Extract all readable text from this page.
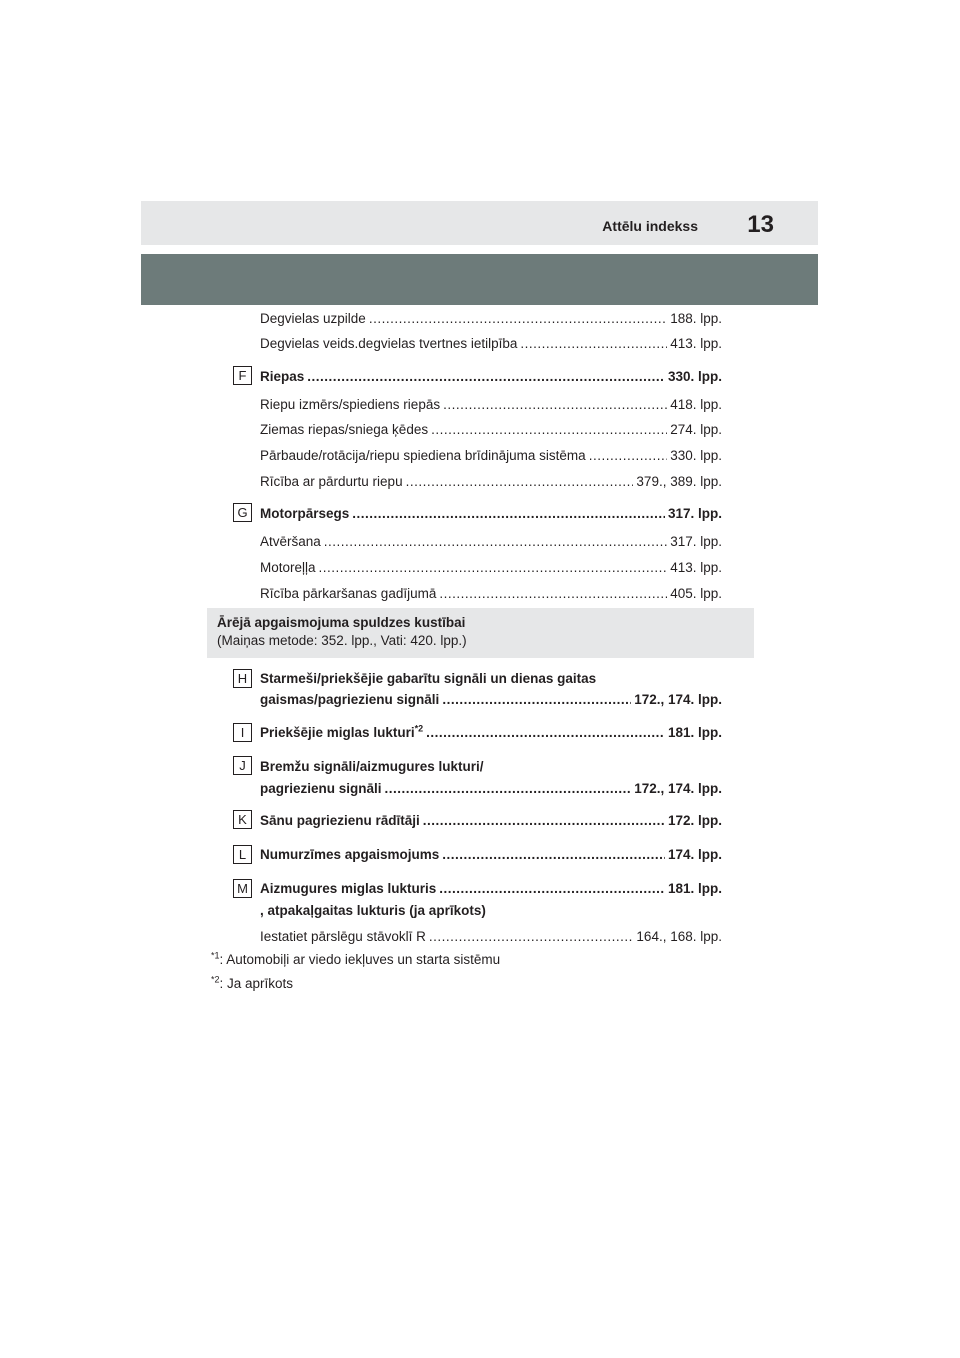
Attēlu indekss 13
Degvielas uzpilde .....	188. lpp.
Degvielas veids.degvielas tvertnes ietilpība .....	413. lpp.
F	Riepas .....	330. lpp.
Riepu izmērs/spiediens riepās .....	418. lpp.
Ziemas riepas/sniega ķēdes .....	274. lpp.
Pārbaude/rotācija/riepu spiediena brīdinājuma sistēma .....	330. lpp.
Rīcība ar pārdurtu riepu .....	379., 389. lpp.
G Motorpārsegs .....	317. lpp.
Atvēršana .....	317. lpp.
Motoreļļa .....	413. lpp.
Rīcība pārkaršanas gadījumā .....	405. lpp.
Ārējā apgaismojuma spuldzes kustībai
(Maiņas metode: 352. lpp., Vati: 420. lpp.)
H Starmeši/priekšējie gabarītu signāli un dienas gaitas
gaismas/pagriezienu signāli .....	172., 174. lpp.
I	Priekšējie miglas lukturi$^{*2}$ .....	181. lpp.
J	Bremžu signāli/aizmugures lukturi/
pagriezienu signāli .....	172., 174. lpp.
K Sānu pagriezienu rādītāji .....	172. lpp.
L	Numurzīmes apgaismojums .....	174. lpp.
M Aizmugures miglas lukturis .....	181. lpp.
, atpakaļgaitas lukturis (ja aprīkots)
Iestatiet pārslēgu stāvoklī R .....	164., 168. lpp.
$^{*1}$: Automobiļi ar viedo iekļuves un starta sistēmu
$^{*2}$: Ja aprīkots
